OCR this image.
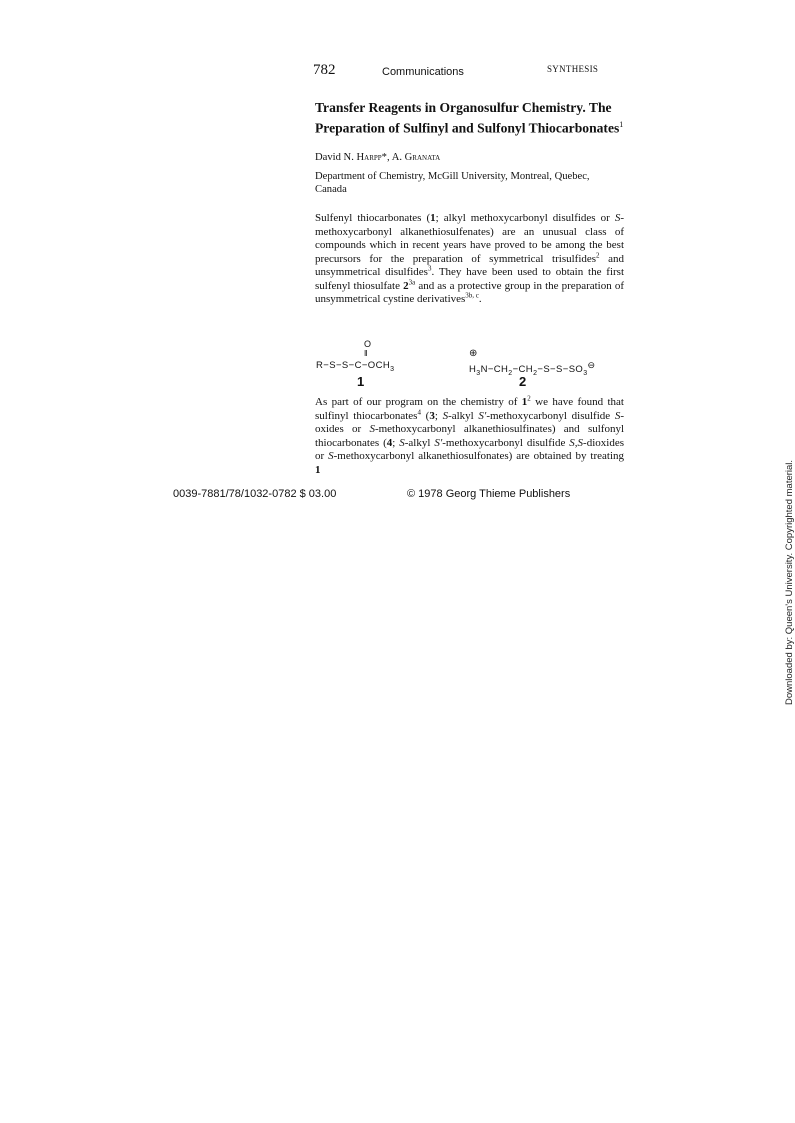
782	Communications	SYNTHESIS
Transfer Reagents in Organosulfur Chemistry. The
Preparation of Sulfinyl and Sulfonyl Thiocarbonates$^1$
David N. Harpp*, A. Granata
Department of Chemistry, McGill University, Montreal, Quebec,
Canada
Sulfenyl thiocarbonates (1; alkyl methoxycarbonyl disulfides or S-methoxycarbonyl alkanethiosulfenates) are an unusual class of compounds which in recent years have proved to be among the best precursors for the preparation of symmetrical trisulfides$^2$ and unsymmetrical disulfides$^3$. They have been used to obtain the first sulfenyl thiosulfate $2^{3a}$ and as a protective group in the preparation of unsymmetrical cystine derivatives$^{3b, c}$.
O
II
$R-S-S-C-OCH_3$
1
⊕
$H_3N-CH_2-CH_2-S-S-SO_3^⊖$
2
As part of our program on the chemistry of $1^2$ we have found that sulfinyl thiocarbonates$^4$ (3; S-alkyl S′-methoxycarbonyl disulfide S-oxides or S-methoxycarbonyl alkanethiosulfinates) and sulfonyl thiocarbonates (4; S-alkyl S′-methoxycarbonyl disulfide S,S-dioxides or S-methoxycarbonyl alkanethiosulfonates) are obtained by treating 1
0039-7881/78/1032-0782 $ 03.00	© 1978 Georg Thieme Publishers	Downloaded by: Queen's University. Copyrighted material.
